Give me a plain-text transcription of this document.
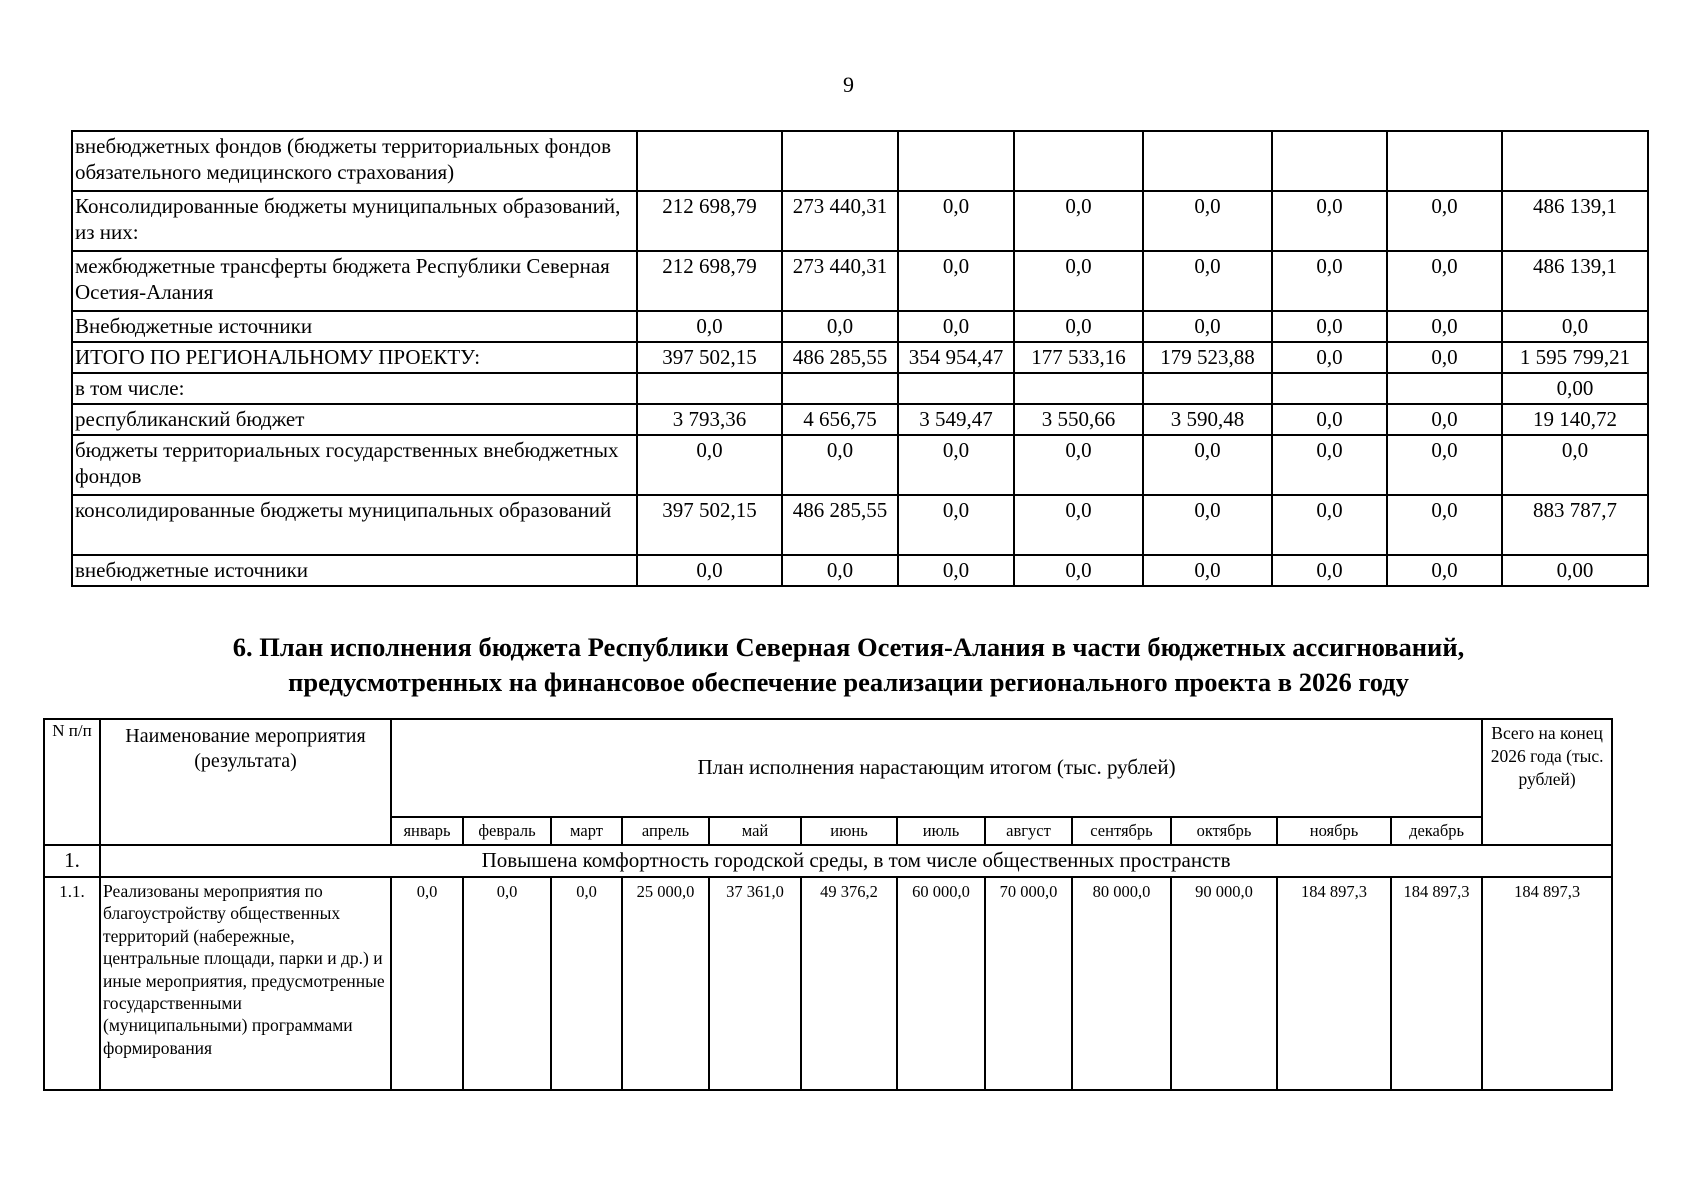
9
внебюджетных фондов (бюджеты территориальных фондов обязательного медицинского страхования)								
Консолидированные бюджеты муниципальных образований, из них:	212 698,79	273 440,31	0,0	0,0	0,0	0,0	0,0	486 139,1
межбюджетные трансферты бюджета Республики Северная Осетия-Алания	212 698,79	273 440,31	0,0	0,0	0,0	0,0	0,0	486 139,1
Внебюджетные источники	0,0	0,0	0,0	0,0	0,0	0,0	0,0	0,0
ИТОГО ПО РЕГИОНАЛЬНОМУ ПРОЕКТУ:	397 502,15	486 285,55	354 954,47	177 533,16	179 523,88	0,0	0,0	1 595 799,21
в том числе:								0,00
республиканский бюджет	3 793,36	4 656,75	3 549,47	3 550,66	3 590,48	0,0	0,0	19 140,72
бюджеты территориальных государственных внебюджетных фондов	0,0	0,0	0,0	0,0	0,0	0,0	0,0	0,0
консолидированные бюджеты муниципальных образований	397 502,15	486 285,55	0,0	0,0	0,0	0,0	0,0	883 787,7
внебюджетные источники	0,0	0,0	0,0	0,0	0,0	0,0	0,0	0,00
6. План исполнения бюджета Республики Северная Осетия-Алания в части бюджетных ассигнований,
предусмотренных на финансовое обеспечение реализации регионального проекта в 2026 году
N п/п	Наименование мероприятия (результата)	План исполнения нарастающим итогом (тыс. рублей)												Всего на конец 2026 года (тыс. рублей)
		январь	февраль	март	апрель	май	июнь	июль	август	сентябрь	октябрь	ноябрь	декабрь	
1.	Повышена комфортность городской среды, в том числе общественных пространств													
1.1.	Реализованы мероприятия по благоустройству общественных территорий (набережные, центральные площади, парки и др.) и иные мероприятия, предусмотренные государственными (муниципальными) программами формирования	0,0	0,0	0,0	25 000,0	37 361,0	49 376,2	60 000,0	70 000,0	80 000,0	90 000,0	184 897,3	184 897,3	184 897,3
